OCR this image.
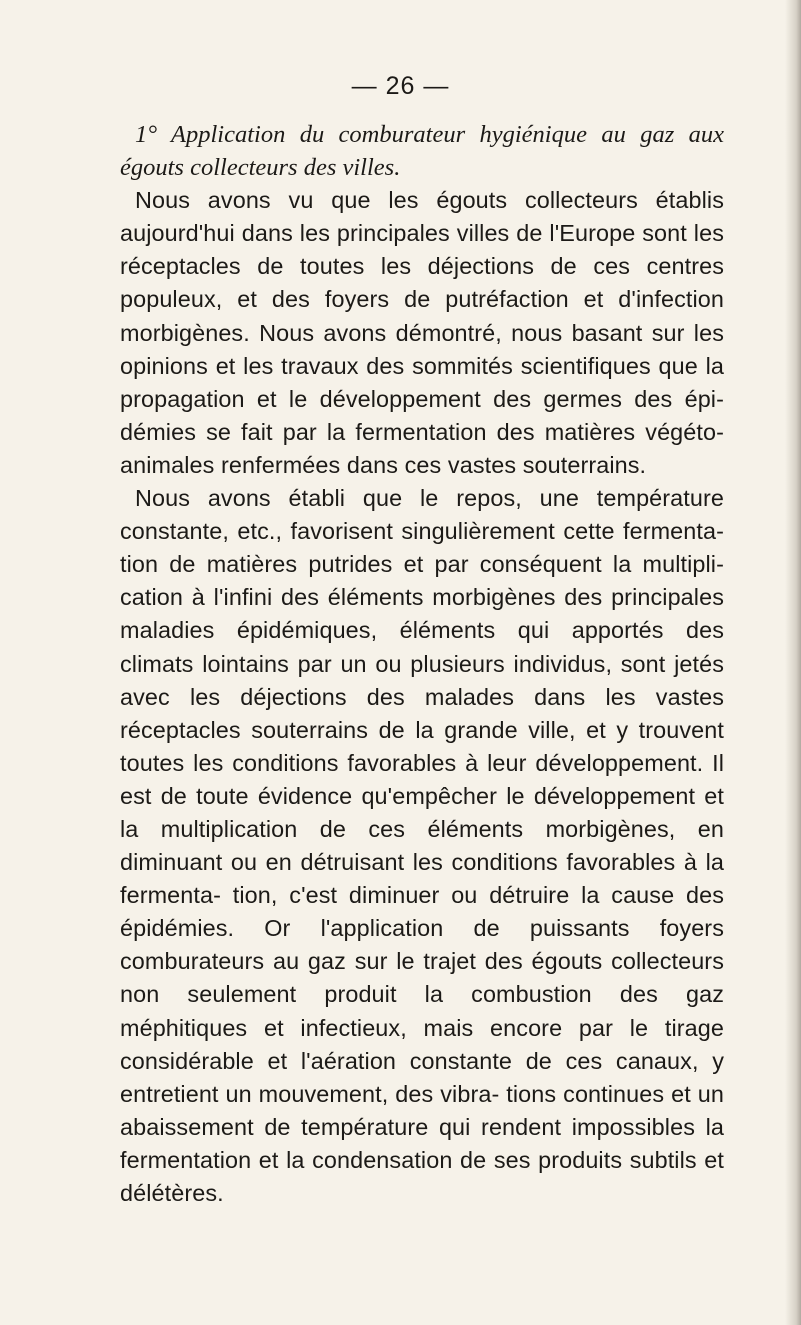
— 26 —

1° Application du comburateur hygiénique au gaz aux égouts collecteurs des villes.

Nous avons vu que les égouts collecteurs établis aujourd'hui dans les principales villes de l'Europe sont les réceptacles de toutes les déjections de ces centres populeux, et des foyers de putréfaction et d'infection morbigènes. Nous avons démontré, nous basant sur les opinions et les travaux des sommités scientifiques que la propagation et le développement des germes des épi- démies se fait par la fermentation des matières végéto- animales renfermées dans ces vastes souterrains.

Nous avons établi que le repos, une température constante, etc., favorisent singulièrement cette fermenta- tion de matières putrides et par conséquent la multipli- cation à l'infini des éléments morbigènes des principales maladies épidémiques, éléments qui apportés des climats lointains par un ou plusieurs individus, sont jetés avec les déjections des malades dans les vastes réceptacles souterrains de la grande ville, et y trouvent toutes les conditions favorables à leur développement. Il est de toute évidence qu'empêcher le développement et la multiplication de ces éléments morbigènes, en diminuant ou en détruisant les conditions favorables à la fermenta- tion, c'est diminuer ou détruire la cause des épidémies. Or l'application de puissants foyers comburateurs au gaz sur le trajet des égouts collecteurs non seulement produit la combustion des gaz méphitiques et infectieux, mais encore par le tirage considérable et l'aération constante de ces canaux, y entretient un mouvement, des vibra- tions continues et un abaissement de température qui rendent impossibles la fermentation et la condensation de ses produits subtils et délétères.
